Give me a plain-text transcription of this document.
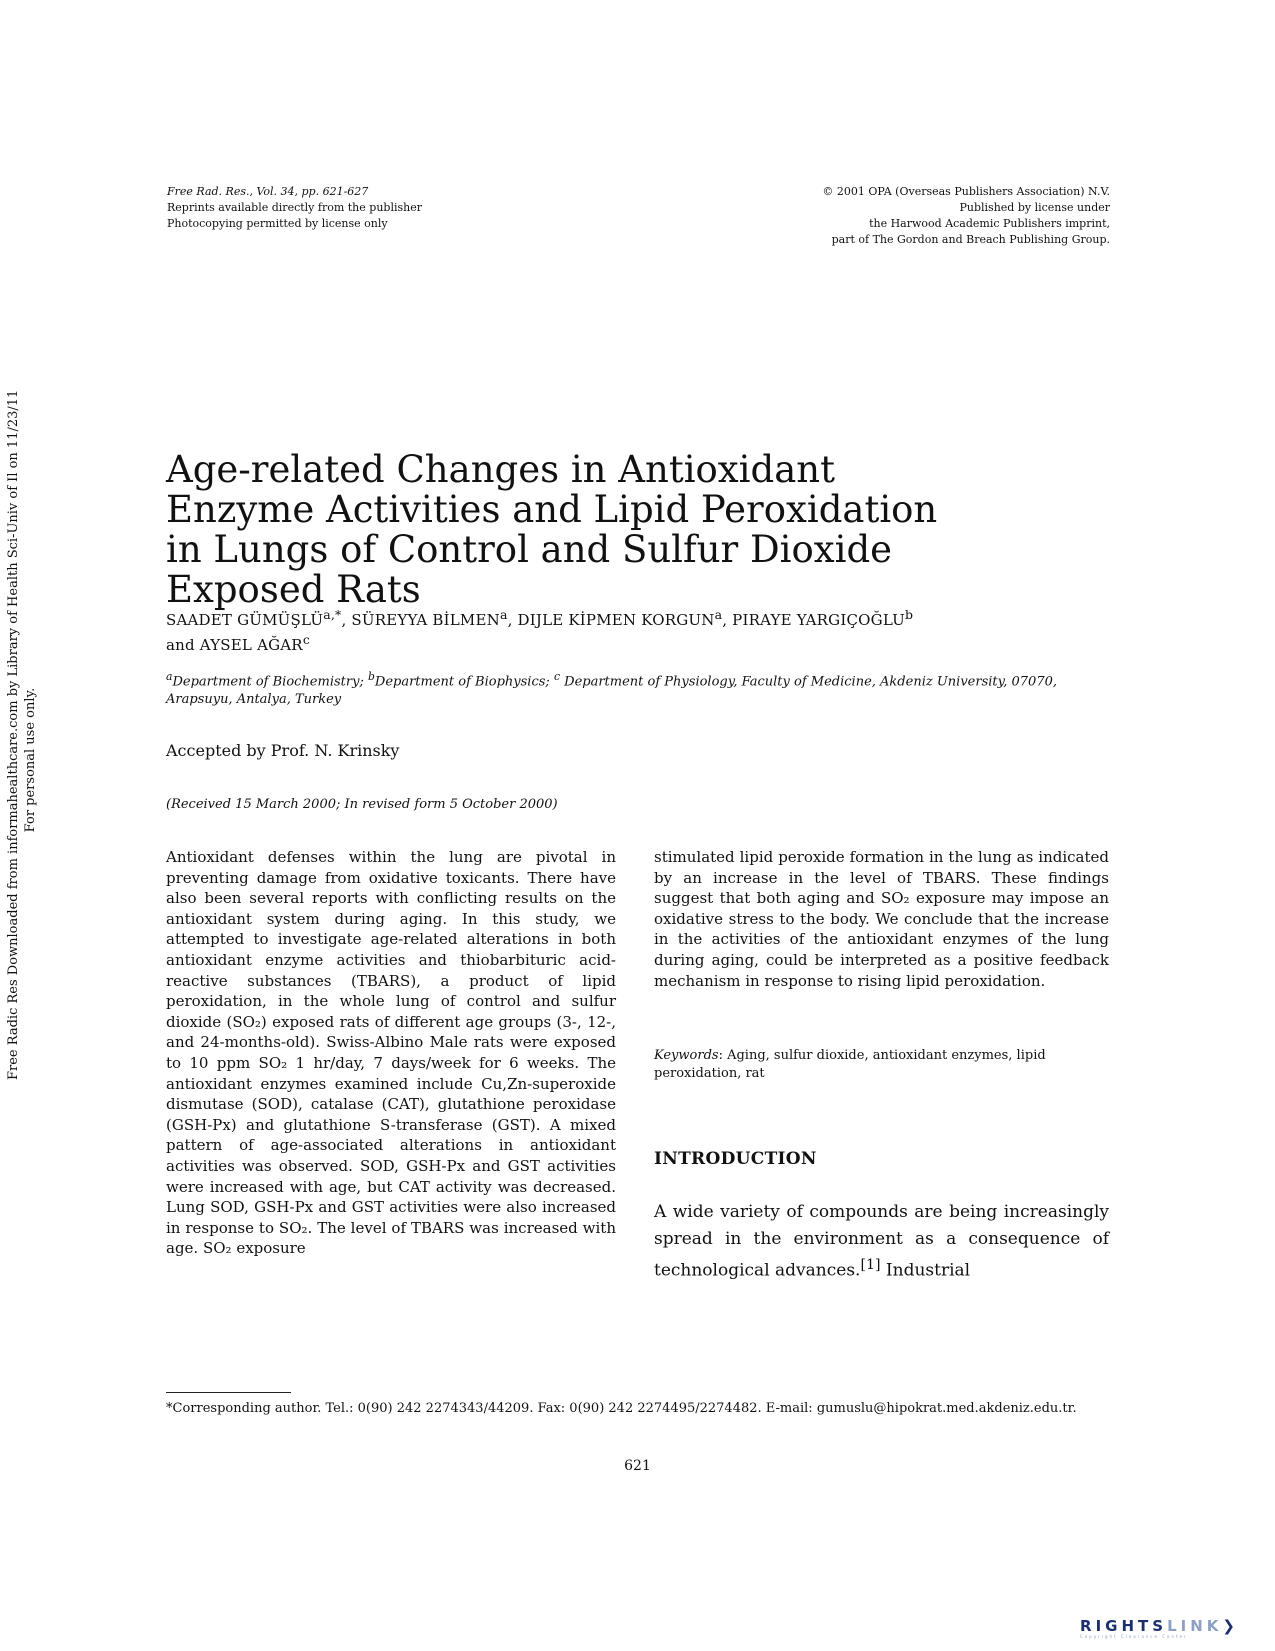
Free Rad. Res., Vol. 34, pp. 621-627
Reprints available directly from the publisher
Photocopying permitted by license only
© 2001 OPA (Overseas Publishers Association) N.V.
Published by license under
the Harwood Academic Publishers imprint,
part of The Gordon and Breach Publishing Group.
Free Radic Res Downloaded from informahealthcare.com by Library of Health Sci-Univ of Il on 11/23/11 For personal use only.
Age-related Changes in Antioxidant Enzyme Activities and Lipid Peroxidation in Lungs of Control and Sulfur Dioxide Exposed Rats
SAADET $GÜMÜŞLÜ^{a,*}$, SÜREYYA BİLMEN$^a$, DIJLE KİPMEN KORGUN$^a$, PIRAYE YARGIÇOĞLU$^b$
and AYSEL AĞAR$^c$
$^a$Department of Biochemistry; $^b$Department of Biophysics; $^c$ Department of Physiology, Faculty of Medicine, Akdeniz University, 07070, Arapsuyu, Antalya, Turkey
Accepted by Prof. N. Krinsky
(Received 15 March 2000; In revised form 5 October 2000)
Antioxidant defenses within the lung are pivotal in preventing damage from oxidative toxicants. There have also been several reports with conflicting results on the antioxidant system during aging. In this study, we attempted to investigate age-related alterations in both antioxidant enzyme activities and thiobarbituric acid-reactive substances (TBARS), a product of lipid peroxidation, in the whole lung of control and sulfur dioxide (SO₂) exposed rats of different age groups (3-, 12-, and 24-months-old). Swiss-Albino Male rats were exposed to 10 ppm SO₂ 1 hr/day, 7 days/week for 6 weeks. The antioxidant enzymes examined include Cu,Zn-superoxide dismutase (SOD), catalase (CAT), glutathione peroxidase (GSH-Px) and glutathione S-transferase (GST). A mixed pattern of age-associated alterations in antioxidant activities was observed. SOD, GSH-Px and GST activities were increased with age, but CAT activity was decreased. Lung SOD, GSH-Px and GST activities were also increased in response to SO₂. The level of TBARS was increased with age. SO₂ exposure
stimulated lipid peroxide formation in the lung as indicated by an increase in the level of TBARS. These findings suggest that both aging and SO₂ exposure may impose an oxidative stress to the body. We conclude that the increase in the activities of the antioxidant enzymes of the lung during aging, could be interpreted as a positive feedback mechanism in response to rising lipid peroxidation.
Keywords: Aging, sulfur dioxide, antioxidant enzymes, lipid peroxidation, rat
INTRODUCTION
A wide variety of compounds are being increasingly spread in the environment as a consequence of technological advances.[1] Industrial
*Corresponding author. Tel.: 0(90) 242 2274343/44209. Fax: 0(90) 242 2274495/2274482. E-mail: gumuslu@hipokrat.med.akdeniz.edu.tr.
621
RIGHTSLINK❯
Copyright Clearance Center
